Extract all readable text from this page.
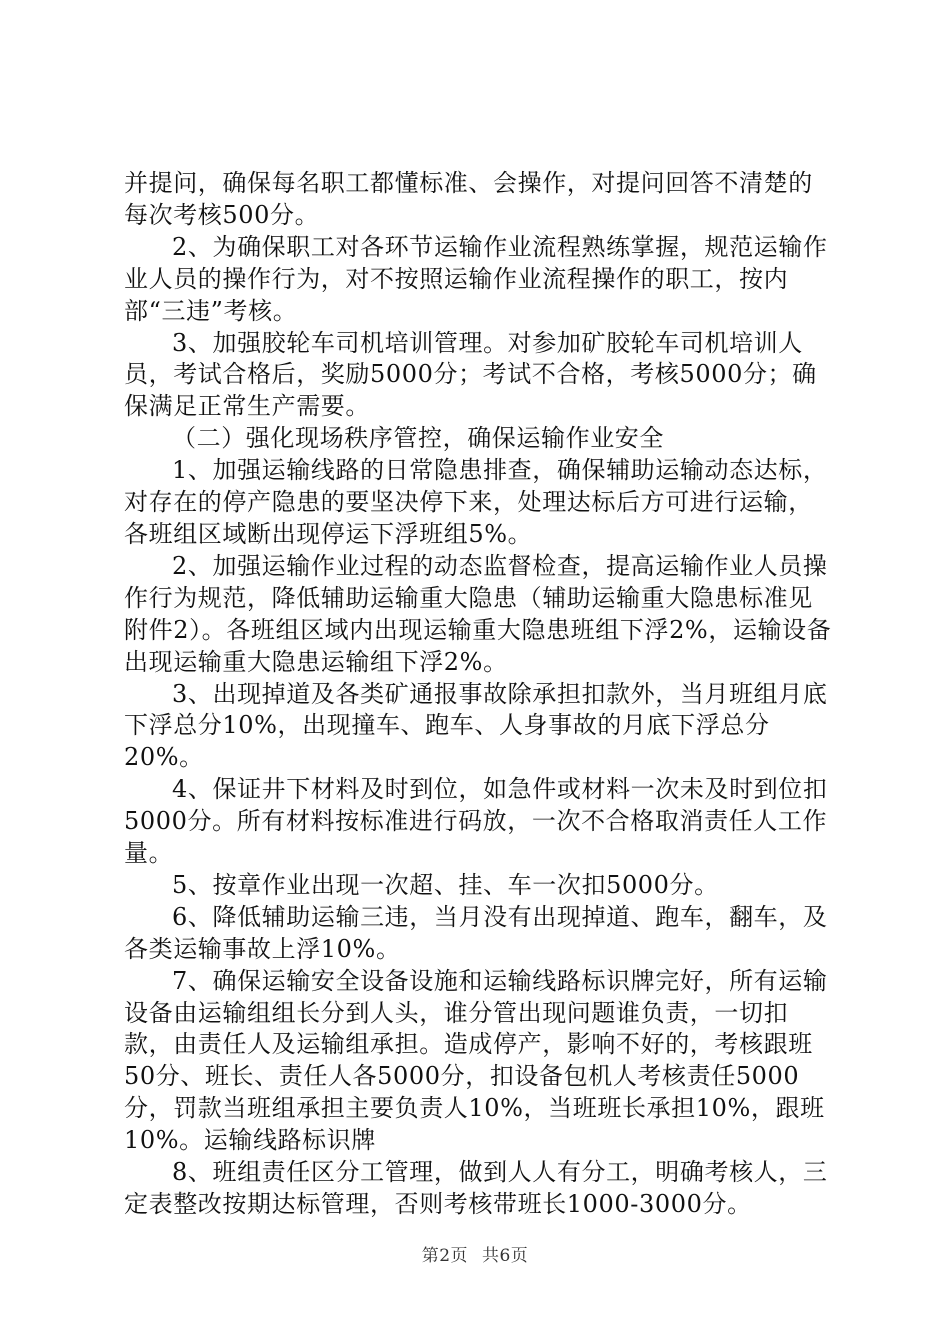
并提问，确保每名职工都懂标准、会操作，对提问回答不清楚的每次考核500分。

2、为确保职工对各环节运输作业流程熟练掌握，规范运输作业人员的操作行为，对不按照运输作业流程操作的职工，按内部“三违”考核。

3、加强胶轮车司机培训管理。对参加矿胶轮车司机培训人员，考试合格后，奖励5000分；考试不合格，考核5000分；确保满足正常生产需要。

（二）强化现场秩序管控，确保运输作业安全

1、加强运输线路的日常隐患排查，确保辅助运输动态达标，对存在的停产隐患的要坚决停下来，处理达标后方可进行运输，各班组区域断出现停运下浮班组5%。

2、加强运输作业过程的动态监督检查，提高运输作业人员操作行为规范，降低辅助运输重大隐患（辅助运输重大隐患标准见附件2）。各班组区域内出现运输重大隐患班组下浮2%，运输设备出现运输重大隐患运输组下浮2%。

3、出现掉道及各类矿通报事故除承担扣款外，当月班组月底下浮总分10%，出现撞车、跑车、人身事故的月底下浮总分20%。

4、保证井下材料及时到位，如急件或材料一次未及时到位扣5000分。所有材料按标准进行码放，一次不合格取消责任人工作量。

5、按章作业出现一次超、挂、车一次扣5000分。

6、降低辅助运输三违，当月没有出现掉道、跑车，翻车，及各类运输事故上浮10%。

7、确保运输安全设备设施和运输线路标识牌完好，所有运输设备由运输组组长分到人头，谁分管出现问题谁负责，一切扣款，由责任人及运输组承担。造成停产，影响不好的，考核跟班50分、班长、责任人各5000分，扣设备包机人考核责任5000分，罚款当班组承担主要负责人10%，当班班长承担10%，跟班10%。运输线路标识牌

8、班组责任区分工管理，做到人人有分工，明确考核人，三定表整改按期达标管理，否则考核带班长1000-3000分。

第2页 共6页
